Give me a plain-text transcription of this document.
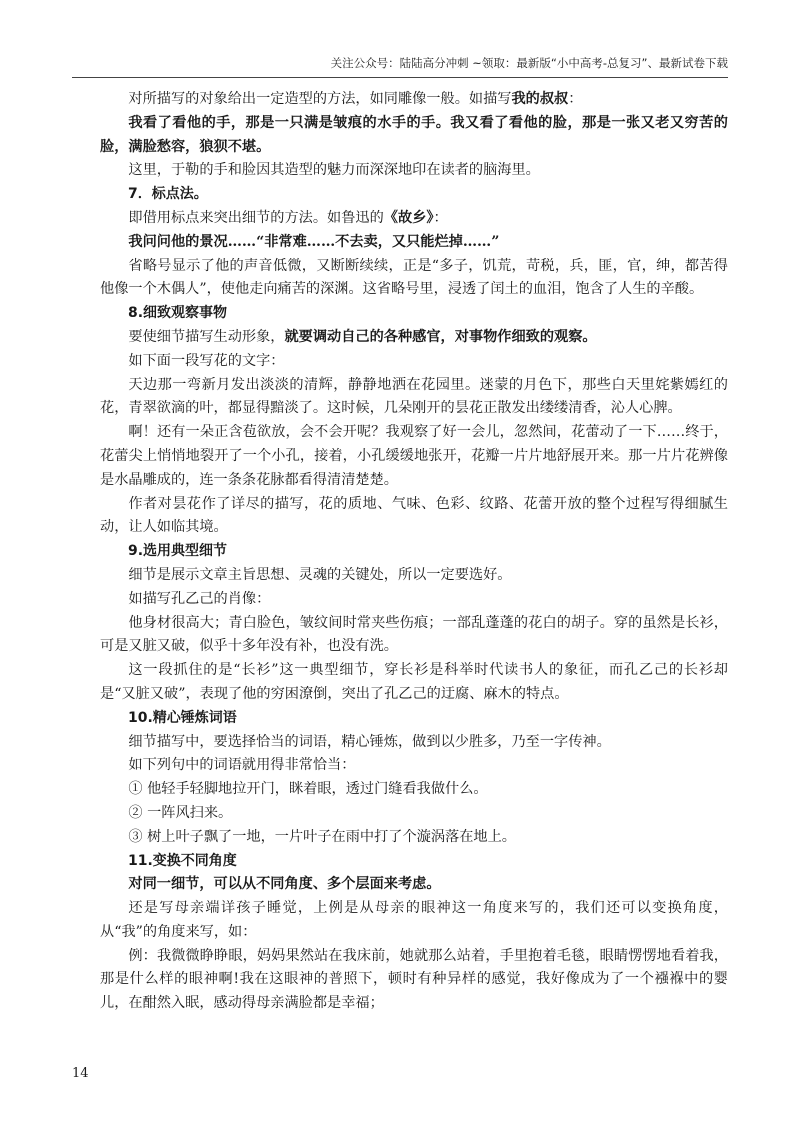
关注公众号：陆陆高分冲刺 ~领取：最新版“小中高考-总复习”、最新试卷下载

对所描写的对象给出一定造型的方法，如同雕像一般。如描写我的叔叔：

我看了看他的手，那是一只满是皱痕的水手的手。我又看了看他的脸，那是一张又老又穷苦的脸，满脸愁容，狼狈不堪。

这里，于勒的手和脸因其造型的魅力而深深地印在读者的脑海里。

7．标点法。

即借用标点来突出细节的方法。如鲁迅的《故乡》：

我问问他的景况……“非常难……不去卖，又只能烂掉……”

省略号显示了他的声音低微，又断断续续，正是“多子，饥荒，苛税，兵，匪，官，绅，都苦得他像一个木偶人”，使他走向痛苦的深渊。这省略号里，浸透了闰土的血泪，饱含了人生的辛酸。

8.细致观察事物

要使细节描写生动形象，就要调动自己的各种感官，对事物作细致的观察。

如下面一段写花的文字：

天边那一弯新月发出淡淡的清辉，静静地洒在花园里。迷蒙的月色下，那些白天里姹紫嫣红的花，青翠欲滴的叶，都显得黯淡了。这时候，几朵刚开的昙花正散发出缕缕清香，沁人心脾。

啊！还有一朵正含苞欲放，会不会开呢？我观察了好一会儿，忽然间，花蕾动了一下……终于，花蕾尖上悄悄地裂开了一个小孔，接着，小孔缓缓地张开，花瓣一片片地舒展开来。那一片片花辨像是水晶雕成的，连一条条花脉都看得清清楚楚。

作者对昙花作了详尽的描写，花的质地、气味、色彩、纹路、花蕾开放的整个过程写得细腻生动，让人如临其境。

9.选用典型细节

细节是展示文章主旨思想、灵魂的关键处，所以一定要选好。

如描写孔乙己的肖像：

他身材很高大；青白脸色，皱纹间时常夹些伤痕；一部乱蓬蓬的花白的胡子。穿的虽然是长衫，可是又脏又破，似乎十多年没有补，也没有洗。

这一段抓住的是“长衫”这一典型细节，穿长衫是科举时代读书人的象征，而孔乙己的长衫却是“又脏又破”，表现了他的穷困潦倒，突出了孔乙己的迂腐、麻木的特点。

10.精心锤炼词语

细节描写中，要选择恰当的词语，精心锤炼，做到以少胜多，乃至一字传神。

如下列句中的词语就用得非常恰当：

① 他轻手轻脚地拉开门，眯着眼，透过门缝看我做什么。

② 一阵风扫来。

③ 树上叶子飘了一地，一片叶子在雨中打了个漩涡落在地上。

11.变换不同角度

对同一细节，可以从不同角度、多个层面来考虑。

还是写母亲端详孩子睡觉，上例是从母亲的眼神这一角度来写的，我们还可以变换角度，从“我”的角度来写，如：

例：我微微睁睁眼，妈妈果然站在我床前，她就那么站着，手里抱着毛毯，眼睛愣愣地看着我，那是什么样的眼神啊!我在这眼神的普照下，顿时有种异样的感觉，我好像成为了一个襁褓中的婴儿，在酣然入眠，感动得母亲满脸都是幸福；

14
